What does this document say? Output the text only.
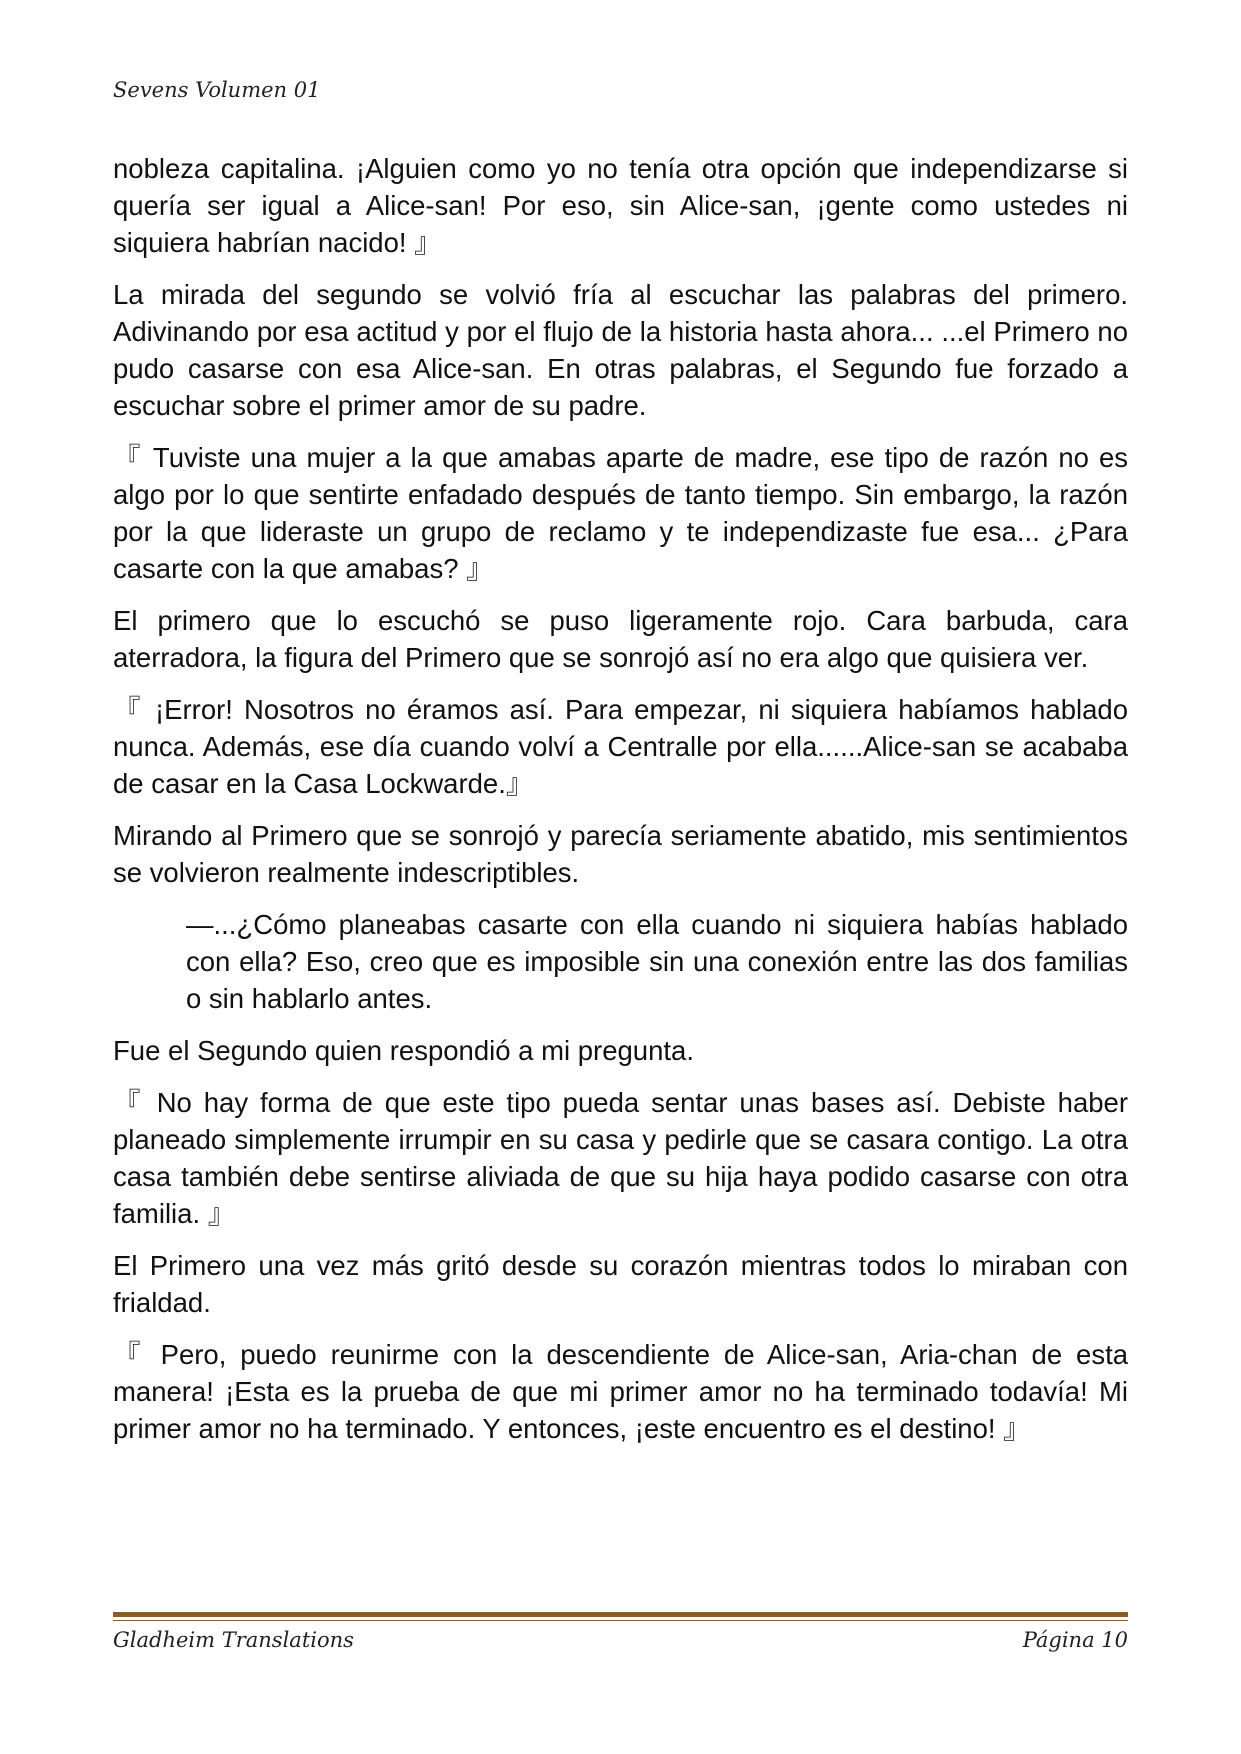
Sevens Volumen 01

nobleza capitalina. ¡Alguien como yo no tenía otra opción que independizarse si quería ser igual a Alice-san! Por eso, sin Alice-san, ¡gente como ustedes ni siquiera habrían nacido! 』

La mirada del segundo se volvió fría al escuchar las palabras del primero. Adivinando por esa actitud y por el flujo de la historia hasta ahora... ...el Primero no pudo casarse con esa Alice-san. En otras palabras, el Segundo fue forzado a escuchar sobre el primer amor de su padre.

『 Tuviste una mujer a la que amabas aparte de madre, ese tipo de razón no es algo por lo que sentirte enfadado después de tanto tiempo. Sin embargo, la razón por la que lideraste un grupo de reclamo y te independizaste fue esa... ¿Para casarte con la que amabas? 』

El primero que lo escuchó se puso ligeramente rojo. Cara barbuda, cara aterradora, la figura del Primero que se sonrojó así no era algo que quisiera ver.

『 ¡Error! Nosotros no éramos así. Para empezar, ni siquiera habíamos hablado nunca. Además, ese día cuando volví a Centralle por ella......Alice-san se acababa de casar en la Casa Lockwarde.』

Mirando al Primero que se sonrojó y parecía seriamente abatido, mis sentimientos se volvieron realmente indescriptibles.

—...¿Cómo planeabas casarte con ella cuando ni siquiera habías hablado con ella? Eso, creo que es imposible sin una conexión entre las dos familias o sin hablarlo antes.

Fue el Segundo quien respondió a mi pregunta.

『 No hay forma de que este tipo pueda sentar unas bases así. Debiste haber planeado simplemente irrumpir en su casa y pedirle que se casara contigo. La otra casa también debe sentirse aliviada de que su hija haya podido casarse con otra familia. 』

El Primero una vez más gritó desde su corazón mientras todos lo miraban con frialdad.

『 Pero, puedo reunirme con la descendiente de Alice-san, Aria-chan de esta manera! ¡Esta es la prueba de que mi primer amor no ha terminado todavía! Mi primer amor no ha terminado. Y entonces, ¡este encuentro es el destino! 』

Gladheim Translations	Página 10
